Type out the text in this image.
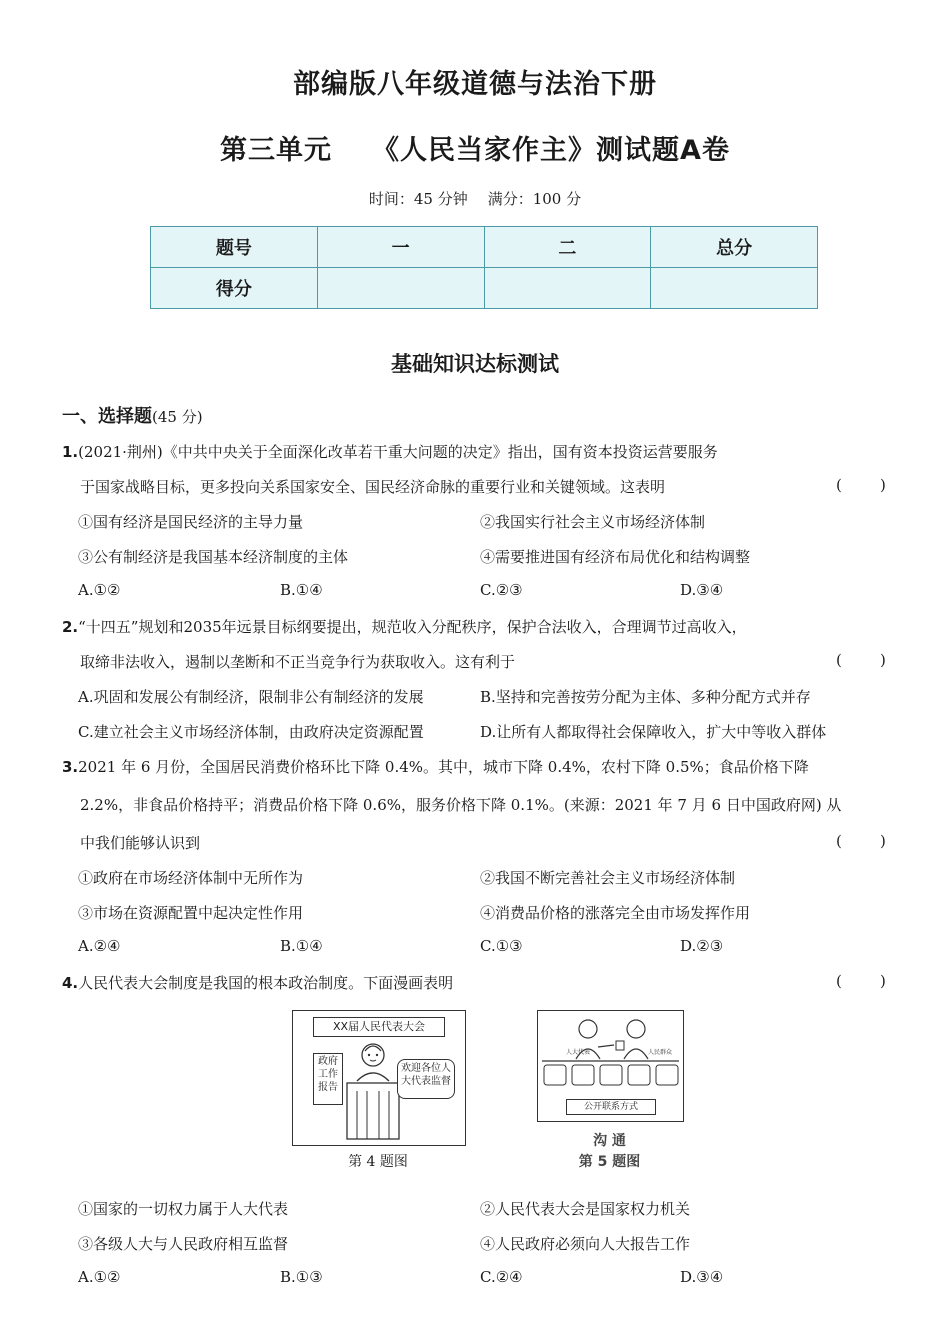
部编版八年级道德与法治下册
第三单元 《人民当家作主》测试题A卷
时间：45 分钟 满分：100 分
题号	一	二	总分
得分			
基础知识达标测试
一、选择题(45 分)
1.(2021·荆州)《中共中央关于全面深化改革若干重大问题的决定》指出，国有资本投资运营要服务
于国家战略目标，更多投向关系国家安全、国民经济命脉的重要行业和关键领域。这表明	(        )
①国有经济是国民经济的主导力量	②我国实行社会主义市场经济体制
③公有制经济是我国基本经济制度的主体	④需要推进国有经济布局优化和结构调整
A.①②	B.①④	C.②③	D.③④
2.“十四五”规划和2035年远景目标纲要提出，规范收入分配秩序，保护合法收入，合理调节过高收入，
取缔非法收入，遏制以垄断和不正当竞争行为获取收入。这有利于	(        )
A.巩固和发展公有制经济，限制非公有制经济的发展	B.坚持和完善按劳分配为主体、多种分配方式并存
C.建立社会主义市场经济体制，由政府决定资源配置	D.让所有人都取得社会保障收入，扩大中等收入群体
3.2021 年 6 月份，全国居民消费价格环比下降 0.4%。其中，城市下降 0.4%，农村下降 0.5%；食品价格下降
2.2%，非食品价格持平；消费品价格下降 0.6%，服务价格下降 0.1%。(来源：2021 年 7 月 6 日中国政府网) 从
中我们能够认识到	(        )
①政府在市场经济体制中无所作为	②我国不断完善社会主义市场经济体制
③市场在资源配置中起决定性作用	④消费品价格的涨落完全由市场发挥作用
A.②④	B.①④	C.①③	D.②③
4.人民代表大会制度是我国的根本政治制度。下面漫画表明	(        )
XX届人民代表大会
政府工作报告
欢迎各位人大代表监督
第 4 题图
人大代表	人民群众
公开联系方式
沟 通
第 5 题图
①国家的一切权力属于人大代表	②人民代表大会是国家权力机关
③各级人大与人民政府相互监督	④人民政府必须向人大报告工作
A.①②	B.①③	C.②④	D.③④
